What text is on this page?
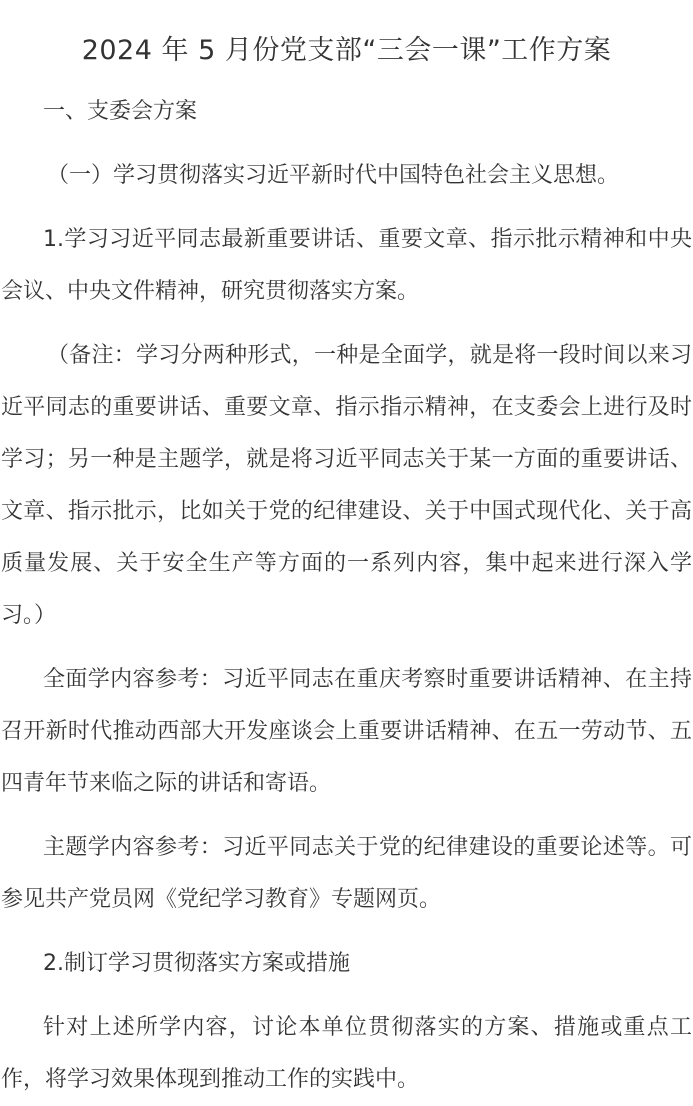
2024 年 5 月份党支部“三会一课”工作方案

一、支委会方案

（一）学习贯彻落实习近平新时代中国特色社会主义思想。

1.学习习近平同志最新重要讲话、重要文章、指示批示精神和中央会议、中央文件精神，研究贯彻落实方案。

（备注：学习分两种形式，一种是全面学，就是将一段时间以来习近平同志的重要讲话、重要文章、指示指示精神，在支委会上进行及时学习；另一种是主题学，就是将习近平同志关于某一方面的重要讲话、文章、指示批示，比如关于党的纪律建设、关于中国式现代化、关于高质量发展、关于安全生产等方面的一系列内容，集中起来进行深入学习。）

全面学内容参考：习近平同志在重庆考察时重要讲话精神、在主持召开新时代推动西部大开发座谈会上重要讲话精神、在五一劳动节、五四青年节来临之际的讲话和寄语。

主题学内容参考：习近平同志关于党的纪律建设的重要论述等。可参见共产党员网《党纪学习教育》专题网页。

2.制订学习贯彻落实方案或措施

针对上述所学内容，讨论本单位贯彻落实的方案、措施或重点工作，将学习效果体现到推动工作的实践中。
